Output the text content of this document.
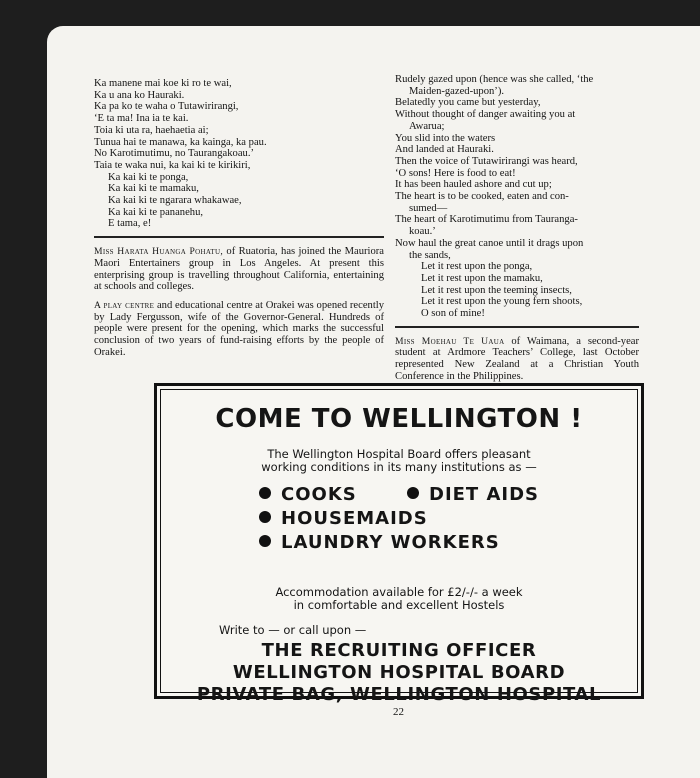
Ka manene mai koe ki ro te wai,
Ka u ana ko Hauraki.
Ka pa ko te waha o Tutawirirangi,
‘E ta ma! Ina ia te kai.
Toia ki uta ra, haehaetia ai;
Tunua hai te manawa, ka kainga, ka pau.
No Karotimutimu, no Taurangakoau.’
Taia te waka nui, ka kai ki te kirikiri,
Ka kai ki te ponga,
Ka kai ki te mamaku,
Ka kai ki te ngarara whakawae,
Ka kai ki te pananehu,
E tama, e!

Miss Harata Huanga Pohatu, of Ruatoria, has joined the Mauriora Maori Entertainers group in Los Angeles. At present this enterprising group is travelling throughout California, entertaining at schools and colleges.

A play centre and educational centre at Orakei was opened recently by Lady Fergusson, wife of the Governor-General. Hundreds of people were present for the opening, which marks the successful conclusion of two years of fund-raising efforts by the people of Orakei.

Rudely gazed upon (hence was she called, ‘the
Maiden-gazed-upon’).
Belatedly you came but yesterday,
Without thought of danger awaiting you at
Awarua;
You slid into the waters
And landed at Hauraki.
Then the voice of Tutawirirangi was heard,
‘O sons! Here is food to eat!
It has been hauled ashore and cut up;
The heart is to be cooked, eaten and con-
sumed—
The heart of Karotimutimu from Tauranga-
koau.’
Now haul the great canoe until it drags upon
the sands,
Let it rest upon the ponga,
Let it rest upon the mamaku,
Let it rest upon the teeming insects,
Let it rest upon the young fern shoots,
O son of mine!

Miss Moehau Te Uaua of Waimana, a second-year student at Ardmore Teachers’ College, last October represented New Zealand at a Christian Youth Conference in the Philippines.

COME TO WELLINGTON !
The Wellington Hospital Board offers pleasant
working conditions in its many institutions as —
COOKS	DIET AIDS
HOUSEMAIDS
LAUNDRY WORKERS
Accommodation available for £2/-/- a week
in comfortable and excellent Hostels
Write to — or call upon —
THE RECRUITING OFFICER
WELLINGTON HOSPITAL BOARD
PRIVATE BAG, WELLINGTON HOSPITAL
22
